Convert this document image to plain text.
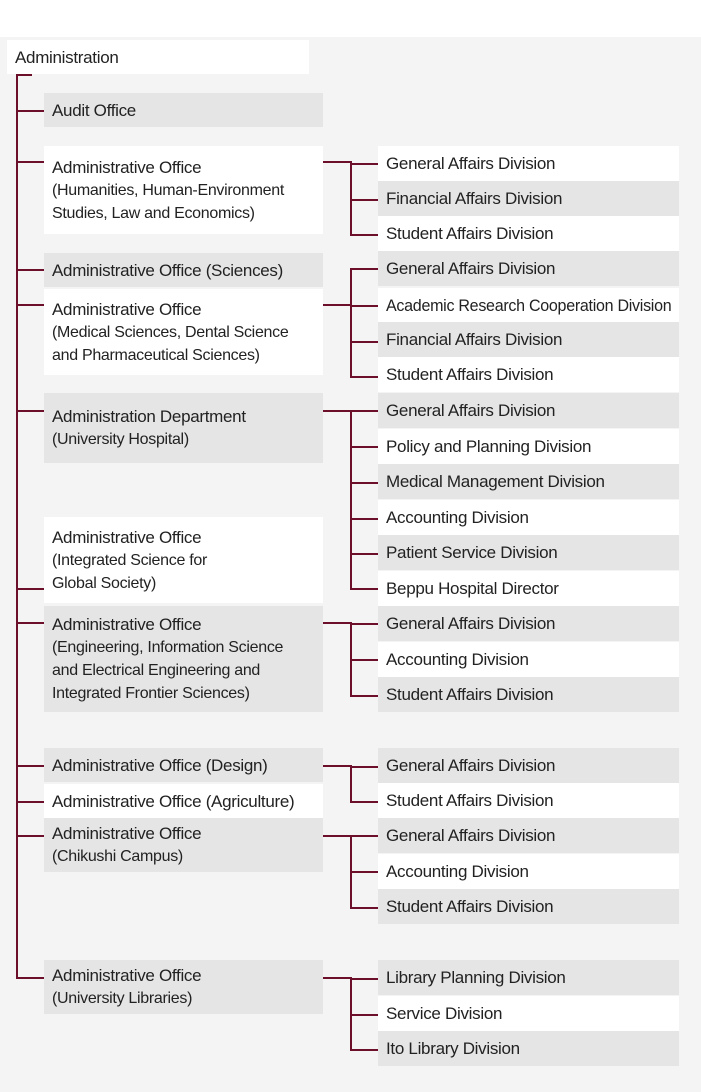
Administration
Audit Office
Administrative Office
(Humanities, Human-Environment
Studies, Law and Economics)
General Affairs Division
Financial Affairs Division
Student Affairs Division
Administrative Office (Sciences)
Administrative Office
(Medical Sciences, Dental Science
and Pharmaceutical Sciences)
General Affairs Division
Academic Research Cooperation Division
Financial Affairs Division
Student Affairs Division
Administration Department
(University Hospital)
General Affairs Division
Policy and Planning Division
Medical Management Division
Accounting Division
Patient Service Division
Beppu Hospital Director
Administrative Office
(Integrated Science for
Global Society)
Administrative Office
(Engineering, Information Science
and Electrical Engineering and
Integrated Frontier Sciences)
General Affairs Division
Accounting Division
Student Affairs Division
Administrative Office (Design)	General Affairs Division
Student Affairs Division
Administrative Office (Agriculture)
Administrative Office
(Chikushi Campus)
General Affairs Division
Accounting Division
Student Affairs Division
Administrative Office
(University Libraries)
Library Planning Division
Service Division
Ito Library Division
